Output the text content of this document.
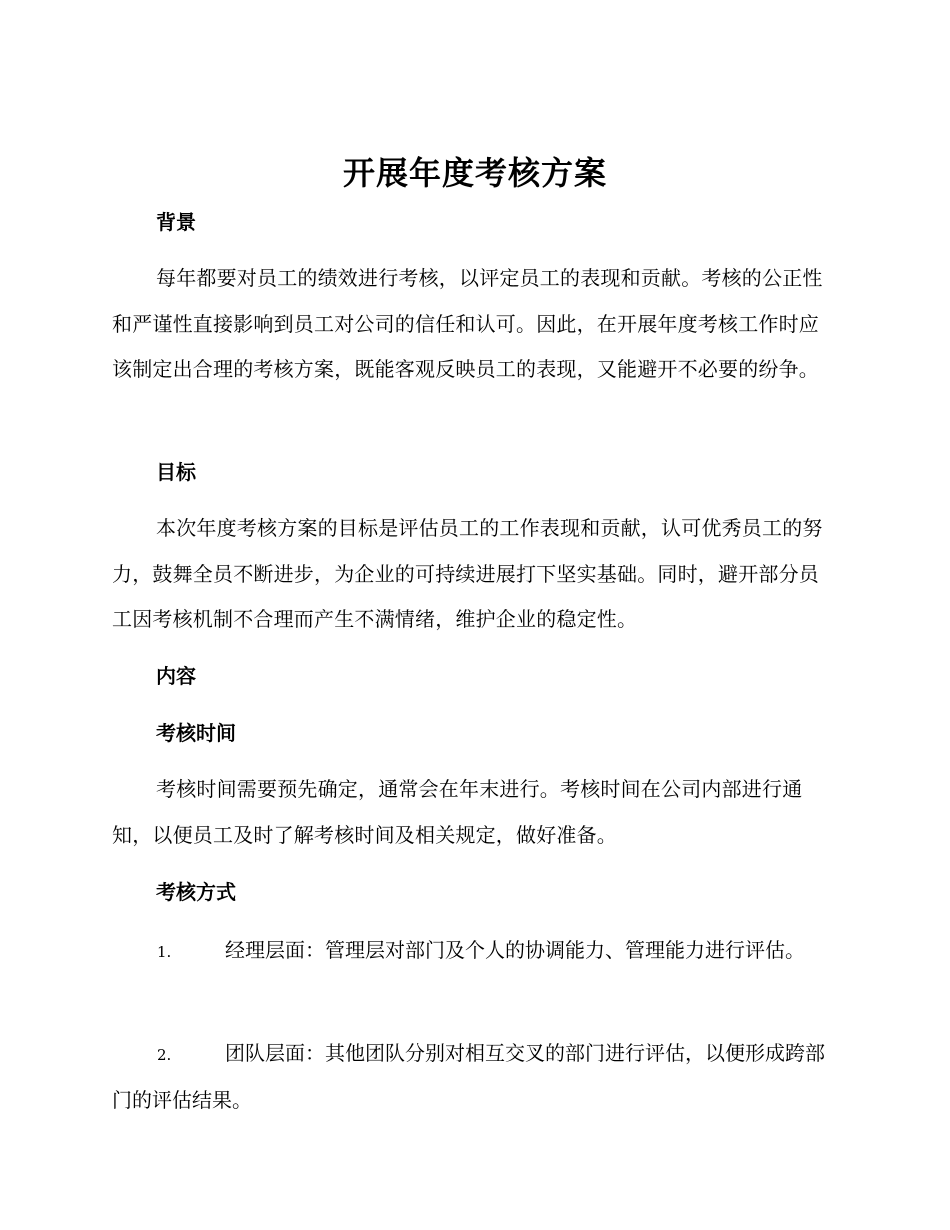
开展年度考核方案
背景
每年都要对员工的绩效进行考核，以评定员工的表现和贡献。考核的公正性和严谨性直接影响到员工对公司的信任和认可。因此，在开展年度考核工作时应该制定出合理的考核方案，既能客观反映员工的表现，又能避开不必要的纷争。
目标
本次年度考核方案的目标是评估员工的工作表现和贡献，认可优秀员工的努力，鼓舞全员不断进步，为企业的可持续进展打下坚实基础。同时，避开部分员工因考核机制不合理而产生不满情绪，维护企业的稳定性。
内容
考核时间
考核时间需要预先确定，通常会在年末进行。考核时间在公司内部进行通知，以便员工及时了解考核时间及相关规定，做好准备。
考核方式
1.	经理层面：管理层对部门及个人的协调能力、管理能力进行评估。
2.	团队层面：其他团队分别对相互交叉的部门进行评估，以便形成跨部门的评估结果。
